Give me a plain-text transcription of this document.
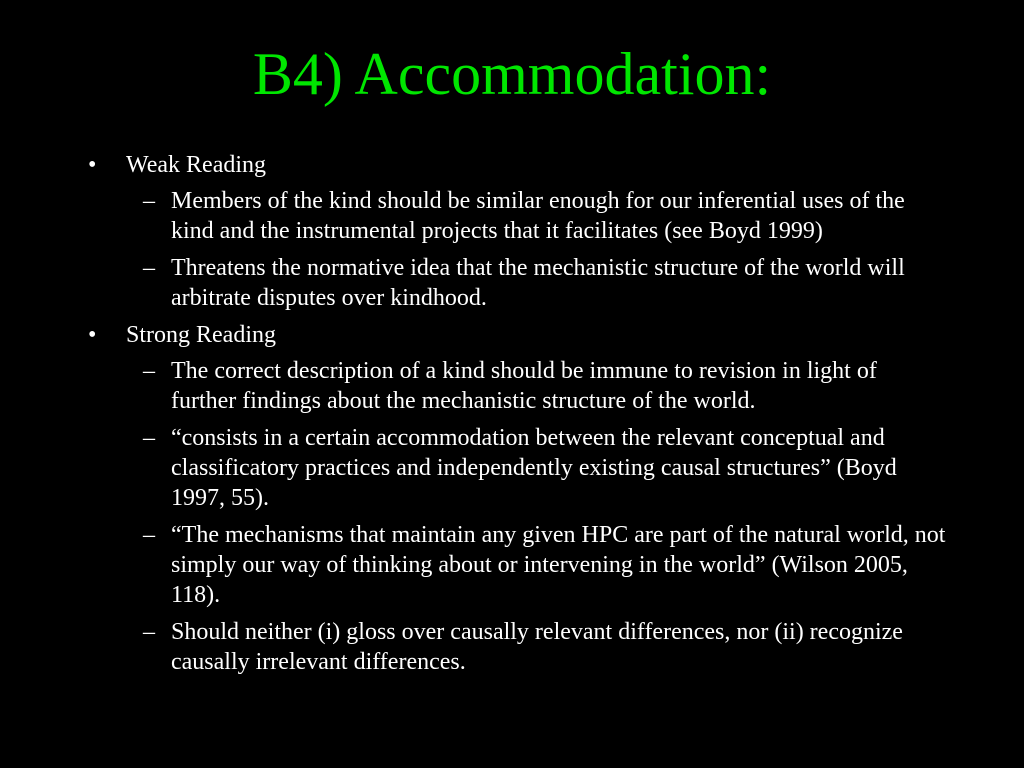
B4) Accommodation:
• Weak Reading
– Members of the kind should be similar enough for our inferential uses of the kind and the instrumental projects that it facilitates (see Boyd 1999)
– Threatens the normative idea that the mechanistic structure of the world will arbitrate disputes over kindhood.
• Strong Reading
– The correct description of a kind should be immune to revision in light of further findings about the mechanistic structure of the world.
– “consists in a certain accommodation between the relevant conceptual and classificatory practices and independently existing causal structures” (Boyd 1997, 55).
– “The mechanisms that maintain any given HPC are part of the natural world, not simply our way of thinking about or intervening in the world” (Wilson 2005, 118).
– Should neither (i) gloss over causally relevant differences, nor (ii) recognize causally irrelevant differences.
